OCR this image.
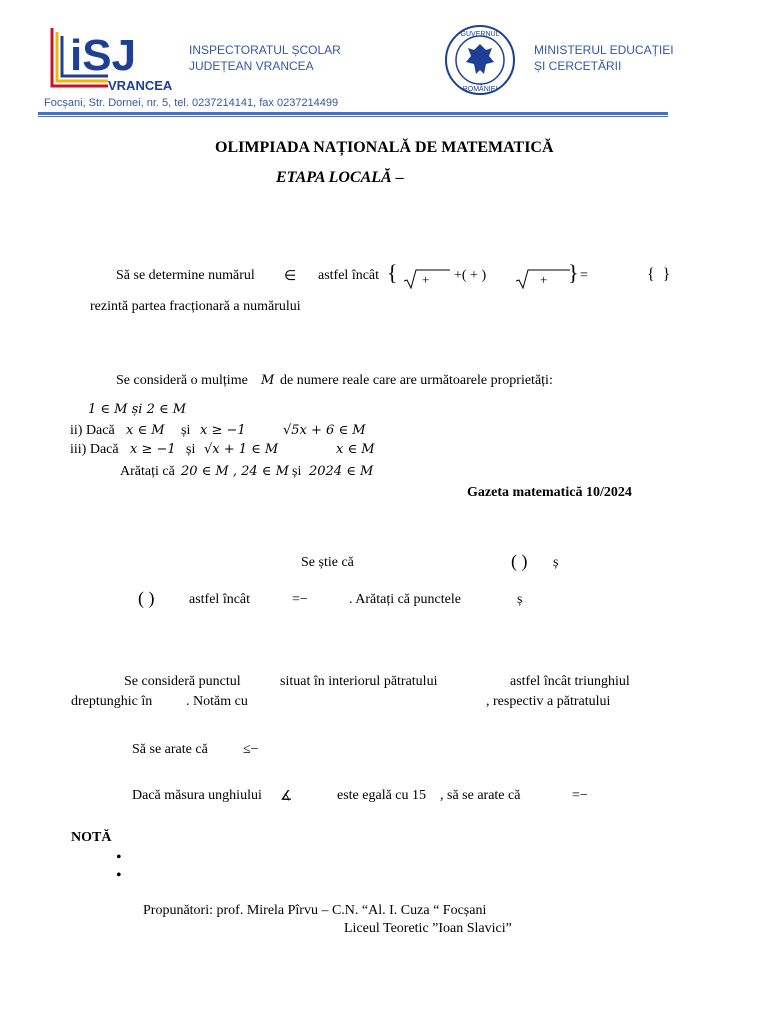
iSJ
VRANCEA
INSPECTORATUL ȘCOLAR
JUDEȚEAN VRANCEA
GUVERNUL
ROMÂNIEI
MINISTERUL EDUCAȚIEI
ȘI CERCETĂRII
Focșani, Str. Dornei, nr. 5, tel. 0237214141, fax 0237214499
OLIMPIADA NAȚIONALĂ DE MATEMATICĂ
ETAPA LOCALĂ –
Să se determine numărul ∈ astfel încât { + +( + )	+ } =	{  }
rezintă partea fracționară a numărului
Se consideră o mulțime M de numere reale care are următoarele proprietăți:
1 ∈ M și 2 ∈ M
ii) Dacă x ∈ M și x ≥ −1	√5x + 6 ∈ M
iii) Dacă x ≥ −1 și √x + 1 ∈ M	x ∈ M
Arătați că 20 ∈ M , 24 ∈ M și 2024 ∈ M
Gazeta matematică 10/2024
Se știe că	( ) ș
( ) astfel încât	=−	. Arătați că punctele	ș
Se consideră punctul	situat în interiorul pătratului	astfel încât triunghiul
dreptunghic în . Notăm cu	, respectiv a pătratului
Să se arate că	≤−
Dacă măsura unghiului ∡	este egală cu 15 , să se arate că	=−
NOTĂ
•
•
Propunători: prof. Mirela Pîrvu – C.N. “Al. I. Cuza “ Focșani
Liceul Teoretic ”Ioan Slavici”
